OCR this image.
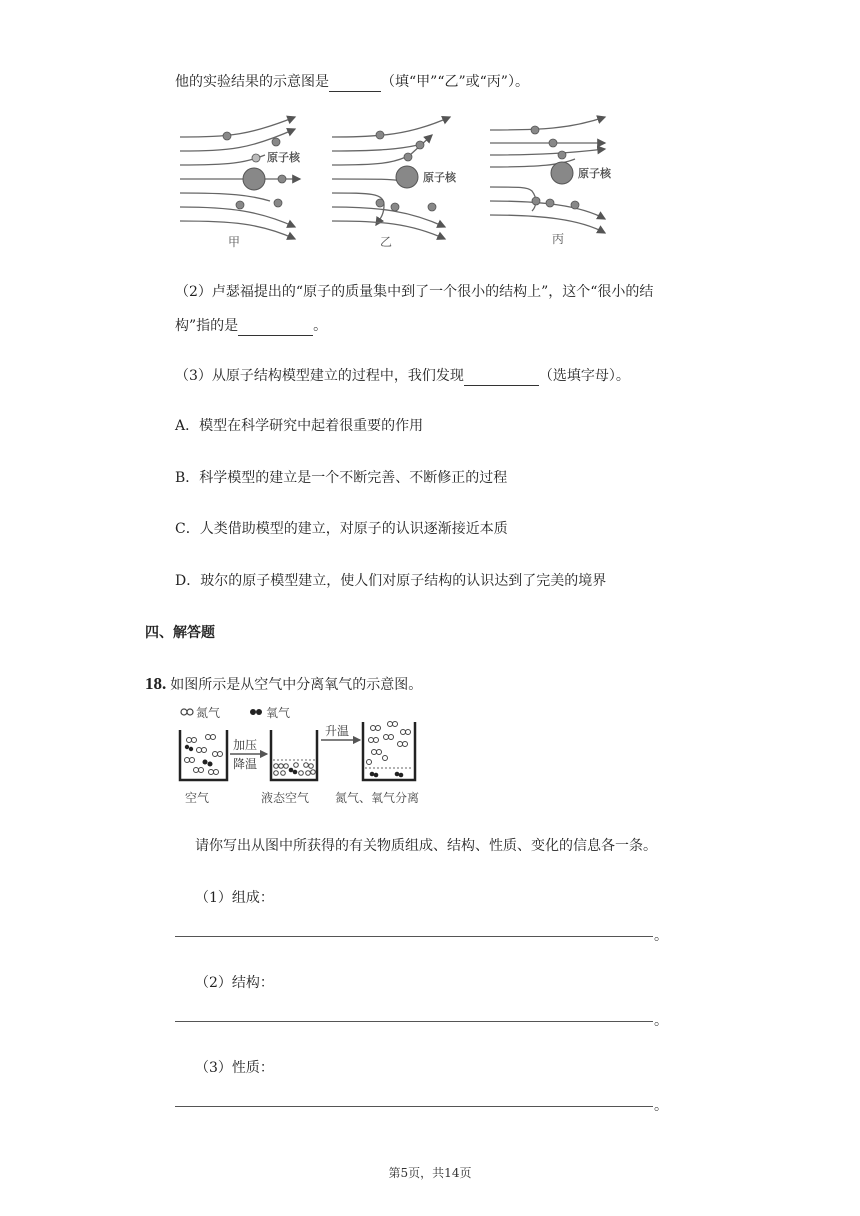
他的实验结果的示意图是	（填“甲”“乙”或“丙”）。
原子核
原子核	原子核
甲	乙	丙
（2）卢瑟福提出的“原子的质量集中到了一个很小的结构上”，这个“很小的结
构”指的是	。
（3）从原子结构模型建立的过程中，我们发现	（选填字母）。
A．模型在科学研究中起着很重要的作用
B．科学模型的建立是一个不断完善、不断修正的过程
C．人类借助模型的建立，对原子的认识逐渐接近本质
D．玻尔的原子模型建立，使人们对原子结构的认识达到了完美的境界
四、解答题
18. 如图所示是从空气中分离氧气的示意图。
氮气	氧气
加压
降温
升温
空气	液态空气 氮气、氧气分离
请你写出从图中所获得的有关物质组成、结构、性质、变化的信息各一条。
（1）组成：
。
（2）结构：
。
（3）性质：
。
第5页，共14页
